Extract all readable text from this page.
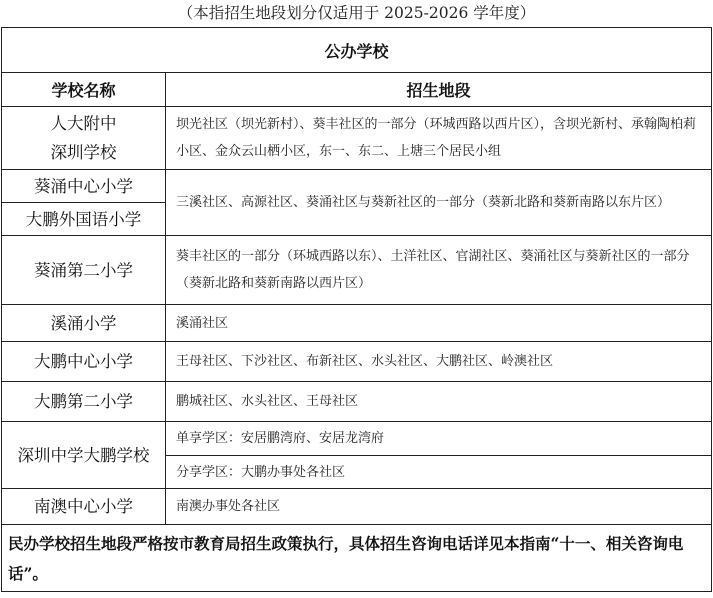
（本指招生地段划分仅适用于 2025-2026 学年度）
公办学校	
学校名称	招生地段

人大附中
深圳学校	坝光社区（坝光新村）、葵丰社区的一部分（环城西路以西片区），含坝光新村、承翰陶柏莉小区、金众云山栖小区，东一、东二、上塘三个居民小组
葵涌中心小学	三溪社区、高源社区、葵涌社区与葵新社区的一部分（葵新北路和葵新南路以东片区）
大鹏外国语小学	
葵涌第二小学	葵丰社区的一部分（环城西路以东）、土洋社区、官湖社区、葵涌社区与葵新社区的一部分（葵新北路和葵新南路以西片区）
溪涌小学	溪涌社区
大鹏中心小学	王母社区、下沙社区、布新社区、水头社区、大鹏社区、岭澳社区
大鹏第二小学	鹏城社区、水头社区、王母社区
深圳中学大鹏学校	单享学区：安居鹏湾府、安居龙湾府
	分享学区：大鹏办事处各社区
南澳中心小学	南澳办事处各社区
民办学校招生地段严格按市教育局招生政策执行，具体招生咨询电话详见本指南“十一、相关咨询电话”。	
